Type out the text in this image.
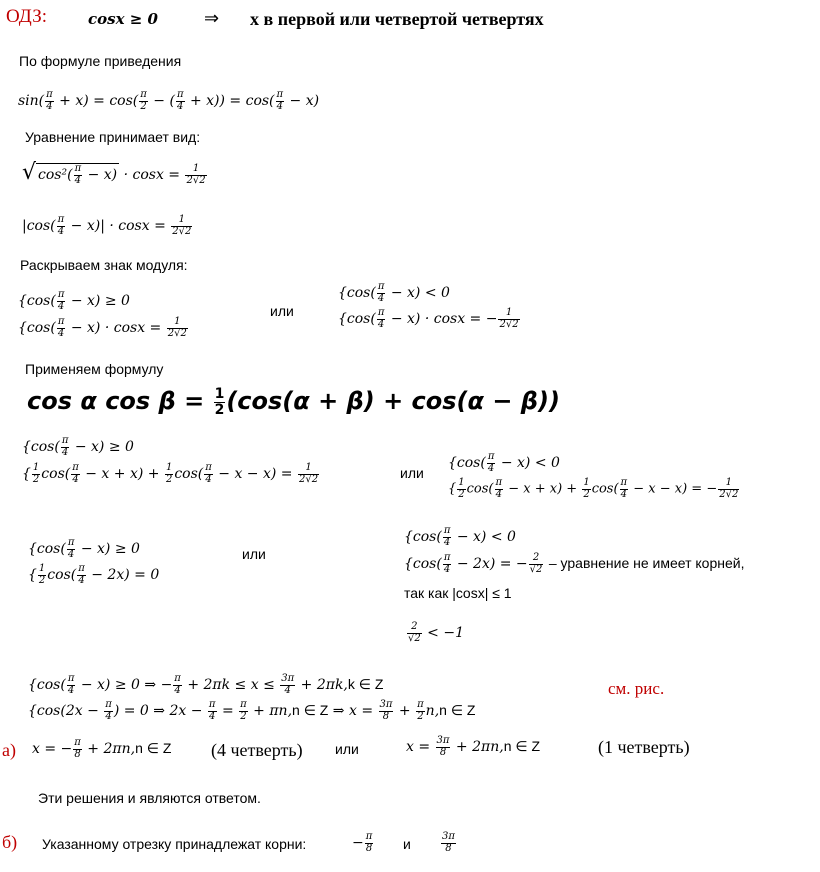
ОДЗ:	cosx ≥ 0	⇒ x в первой или четвертой четвертях
По формуле приведения
$\sin( \frac{\pi}{4} + x) = \cos( \frac{\pi}{2}$ − ( $\frac{\pi}{4} + x)) = \cos( \frac{\pi}{4} - x)$
Уравнение принимает вид:
√ $\cos^2( \frac{\pi}{4} - x) \cdot \cos x = \frac{1}{2√2}$
$|\cos( \frac{\pi}{4} - x)| \cdot \cos x = \frac{1}{2√2}$
Раскрываем знак модуля:
{$\cos( \frac{\pi}{4} - x) \ge 0$
{$\cos( \frac{\pi}{4} - x) \cdot \cos x = \frac{1}{2√2}$
или
{$\cos( \frac{\pi}{4} - x) < 0$
{$\cos( \frac{\pi}{4} - x) \cdot \cos x$ = − $\frac{1}{2√2}$
Применяем формулу
cos α $\cos \beta = \frac{1}{2} (\cos(\alpha + \beta) + \cos(\alpha - \beta))$
{$\cos( \frac{\pi}{4} - x) \ge 0$
{ $\frac{1}{2} \cos( \frac{\pi}{4} - x + x) + \frac{1}{2} \cos( \frac{\pi}{4} - x - x) = \frac{1}{2√2}$	или
{$\cos( \frac{\pi}{4} - x) < 0$
{ $\frac{1}{2} \cos( \frac{\pi}{4} - x + x) + \frac{1}{2} \cos( \frac{\pi}{4} - x - x)$ = − $\frac{1}{2√2}$
{$\cos( \frac{\pi}{4} - x) \ge 0$
{ $\frac{1}{2} \cos( \frac{\pi}{4} - 2x) = 0$
или
{$\cos( \frac{\pi}{4} - x) < 0$
{$\cos( \frac{\pi}{4} - 2x)$ = − $\frac{2}{√2}$ – уравнение не имеет корней,
так как |cosx| ≤ 1
$\frac{2}{√2} < -1$
{$\cos( \frac{\pi}{4} - x) \ge 0$ ⇒ − $\frac{\pi}{4} + 2\pi k \le x \le \frac{3\pi}{4} + 2\pi k,k$ ∈ Z
{$\cos(2x - \frac{\pi}{4}$ ) = 0 ⇒ $2x - \frac{\pi}{4} = \frac{\pi}{2} + \pi n,n$ ∈ Z ⇒ $x = \frac{3\pi}{8} + \frac{\pi}{2} n,n$ ∈ Z
см. рис.
а) x = − $\frac{\pi}{8} + 2\pi n,n$ ∈ Z (4 четверть) или	$x = \frac{3\pi}{8} + 2\pi n,n$ ∈ Z	(1 четверть)
Эти решения и являются ответом.
б) Указанному отрезку принадлежат корни:	− $\frac{\pi}{8}$ и	$\frac{3\pi}{8}$
